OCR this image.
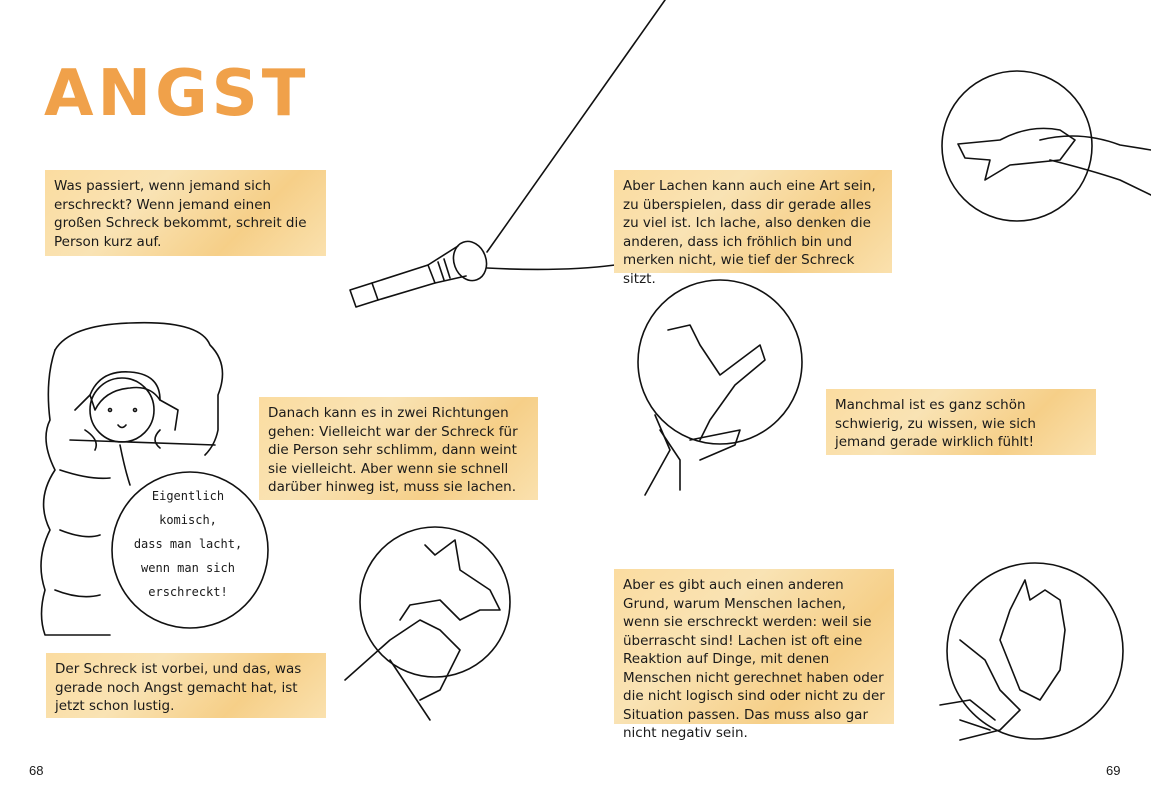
ANGST
Eigentlich
komisch,
dass man lacht,
wenn man sich
erschreckt!
Was passiert, wenn jemand sich erschreckt? Wenn jemand einen großen Schreck bekommt, schreit die Person kurz auf.
Danach kann es in zwei Richtungen gehen: Vielleicht war der Schreck für die Person sehr schlimm, dann weint sie vielleicht. Aber wenn sie schnell darüber hinweg ist, muss sie lachen.
Der Schreck ist vorbei, und das, was gerade noch Angst gemacht hat, ist jetzt schon lustig.
Aber Lachen kann auch eine Art sein, zu überspielen, dass dir gerade alles zu viel ist. Ich lache, also denken die anderen, dass ich fröhlich bin und merken nicht, wie tief der Schreck sitzt.
Manchmal ist es ganz schön schwierig, zu wissen, wie sich jemand gerade wirklich fühlt!
Aber es gibt auch einen anderen Grund, warum Menschen lachen, wenn sie erschreckt werden: weil sie überrascht sind! Lachen ist oft eine Reaktion auf Dinge, mit denen Menschen nicht gerechnet haben oder die nicht logisch sind oder nicht zu der Situation passen. Das muss also gar nicht negativ sein.
68	69
